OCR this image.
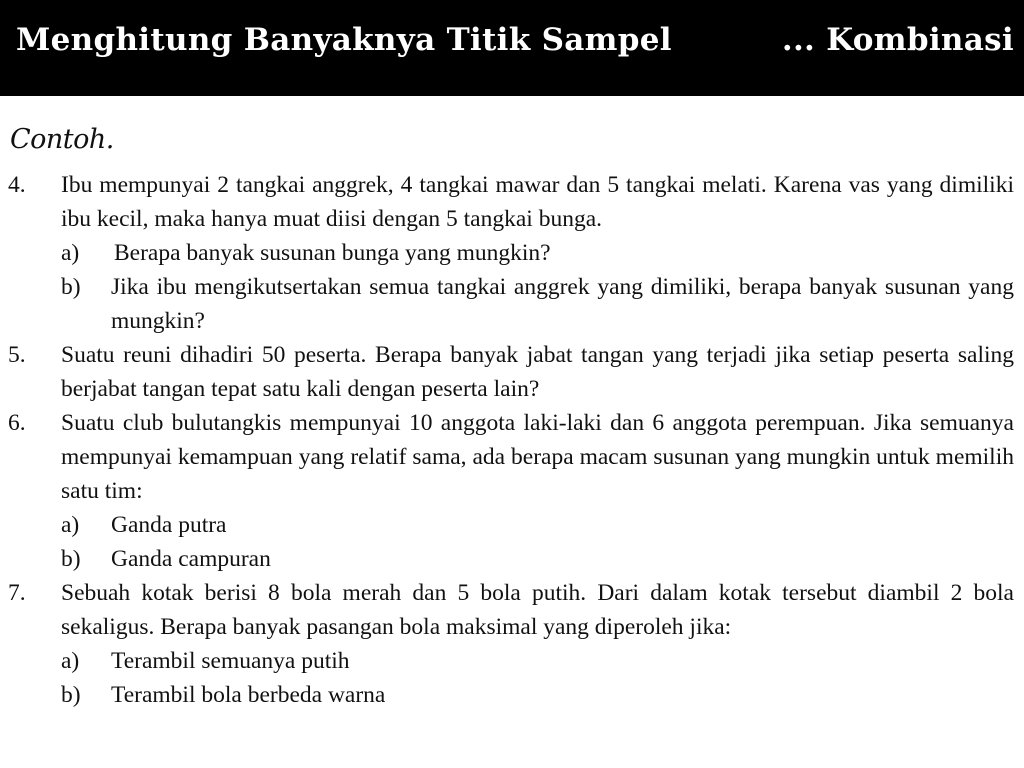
Menghitung Banyaknya Titik Sampel	... Kombinasi
Contoh.
4. Ibu mempunyai 2 tangkai anggrek, 4 tangkai mawar dan 5 tangkai melati. Karena vas yang dimiliki ibu kecil, maka hanya muat diisi dengan 5 tangkai bunga.
a) Berapa banyak susunan bunga yang mungkin?
b) Jika ibu mengikutsertakan semua tangkai anggrek yang dimiliki, berapa banyak susunan yang mungkin?
5. Suatu reuni dihadiri 50 peserta. Berapa banyak jabat tangan yang terjadi jika setiap peserta saling berjabat tangan tepat satu kali dengan peserta lain?
6. Suatu club bulutangkis mempunyai 10 anggota laki-laki dan 6 anggota perempuan. Jika semuanya mempunyai kemampuan yang relatif sama, ada berapa macam susunan yang mungkin untuk memilih satu tim:
a) Ganda putra
b) Ganda campuran
7. Sebuah kotak berisi 8 bola merah dan 5 bola putih. Dari dalam kotak tersebut diambil 2 bola sekaligus. Berapa banyak pasangan bola maksimal yang diperoleh jika:
a) Terambil semuanya putih
b) Terambil bola berbeda warna
